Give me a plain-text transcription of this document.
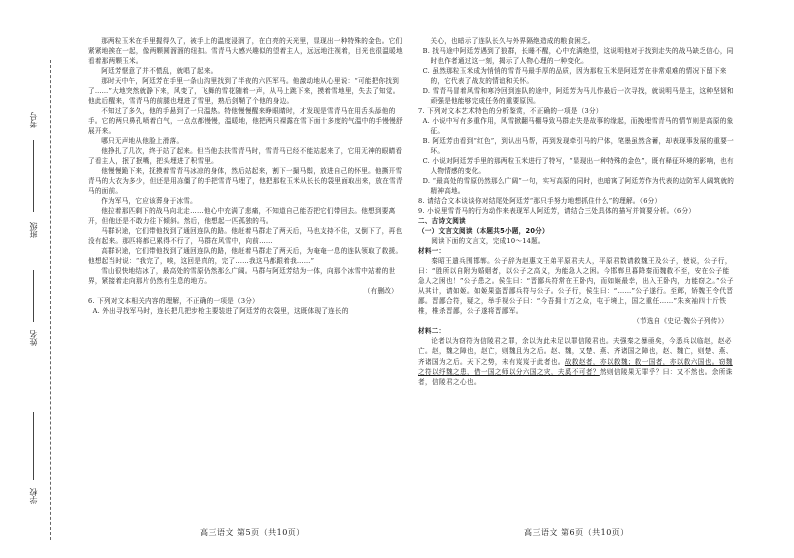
学校
姓名
班级
考号

那两粒玉米在手里握得久了，被手上的温度浸润了，在白亮的天光里，显现出一种特殊的金色。它们紧紧地挨在一起，像两颗圆溜溜的纽扣。雪青马大感兴趣似的望着主人，远远地注视着，目光也很温暖地看着那两颗玉米。

阿廷芳惬意了并不慌乱，就唱了起来。

那时天中午，阿廷芳在手里一条山沟里找到了半夜的六匹军马。他激动地从心里说：“可能把你找到了……”大地突然就静下来，风变了，飞舞的雪花随着一声，从马上跳下来，摸着雪地里，失去了知觉。他此后醒来，雪青马的前腿也埋进了雪里，熟后剑鞘了个他的身边。

不知过了多久，他的手悬到了一只温热。特他慢慢醒来睁眼睛时，才发现是雪青马在用舌头舔他的手。它的两只鼻孔喷着白气，一点点都慢慢，温暖地，他把两只裸露在雪下面十多度的气温中的手慢慢舒展开来。

哪只无声地从他脸上滑落。

他挣扎了几次，终于站了起来。但当他去扶雪青马时，雪青马已经不能站起来了，它用无神的眼睛看了看主人，抿了抿嘴，把头埋进了积雪里。

他慢慢跪下来，抚摸着雪青马冰凉的身体，然后站起来，割下一撮马鬃，放进自己的怀里。他撕开雪青马的大衣为多少，但还是用冻僵了的手把雪青马埋了，他把那粒玉米从长长的袋里面取出来，放在雪青马的面前。

作为军马，它应该葬身于冰雪。

他拉着那匹剩下的战马向北走……他心中充满了悲痛，不知道自己能否把它们带回去。他想到要离开，但他还是不敢力往下倾斜。然后，他想起一匹孤独的马。

马群识途，它们带他找到了通回连队的路。他赶着马群走了两天后，马也支持不住，又倒下了，再也没有起来。那匹将都已累得不行了，马群在风雪中，向前……

高群识途，它们带他找到了通回连队的路，他赶着马群走了两天后，为奄奄一息的连队领取了救援。他想起当时说：“我完了，唉，这回是真的，完了……我这马都跟着我……”

雪山很快地结冰了，最高处的雪原仍然那么广阔。马群与阿廷芳结为一体，向那个冰雪中站着的世界，紧接着走向那片仍然有生息的地方。

（有删改）

6. 下列对文本相关内容的理解，不正确的一项是（3分）

A. 外出寻找军马时，连长把几把步枪主要装进了阿廷芳的衣袋里，这既体现了连长的

关心，也暗示了连队长久与外界隔绝造成的粮食困乏。

B. 找马途中阿廷芳遇到了狼群，长睡不醒，心中充满绝望，这说明他对于找到走失的战马缺乏信心，同时也作者通过这一刻，揭示了人物心理的一种变化。

C. 虽然那粒玉米成为悄悄的雪青马最手厚的品质，因为那粒玉米是阿廷芳在非常艰难的情况下留下来的，它代表了战友的情谊和关怀。

D. 雪青马冒着风雪和寒冷回到连队的途中，阿廷芳为马儿作最后一次寻找，就说明马是主，这种坚韧和顽强是他能够完成任务的重要原因。

7. 下列对文本艺术特色的分析鉴赏，不正确的一项是（3分）

A. 小说中写有多重作用，风雪掀翻马棚导致马群走失是故事的缘起，而挽埋雪青马的情节则是高原的象征。

B. 阿廷芳由看到“红色”，到认出马帮，再到发现牵引马的尸体，笔墨虽然含蓄，却表现事发展的重要一环。

C. 小说对阿廷芳手里的那两粒玉米进行了特写，“显现出一种特殊的金色”，既有释征环境的影响，也有人物情感的变化。

D. “最高处的雪原仍然那么广阔”一句，实写高原的同时，也暗寓了阿廷芳作为代表的边防军人阔筑就的精神高地。

8. 请结合文本谈谈你对结尾处阿廷芳“那只手努力地想抓住什么”的理解。（6分）

9. 小说里雪青马的行为动作来表现军人阿廷芳，请结合三处具体的描写并简要分析。（6分）

二、古诗文阅读

（一）文言文阅读（本题共5小题，20分）

阅读下面的文言文，完成10～14题。

材料一：

秦昭王遣兵围邯郸。公子辞为赵惠文王弟平原君夫人，平原君数请救魏王及公子，使说，公子行，曰：“胜所以自附为婚姻者，以公子之高义，为能急人之困。今邯郸旦暮降秦而魏救不至，安在公子能急人之困也！”公子患之。侯生曰：“晋鄙兵符常在王卧内，而如姬最幸，出入王卧内，力能窃之。”公子从其计，请如姬。如姬果盗晋鄙兵符与公子。公子行，侯生曰：“……”公子遂行。至邺，矫魏王令代晋鄙。晋鄙合符，疑之，举手视公子曰：“今吾拥十万之众，屯于境上，国之重任……”朱亥袖四十斤铁椎，椎杀晋鄙，公子遂将晋鄙军。

（节选自《史记·魏公子列传》）

材料二：

论者以为窃符为信陵君之罪，余以为此未足以罪信陵君也。夫强秦之暴亟矣，今悉兵以临赵，赵必亡。赵，魏之障也，赵亡，则魏且为之后。赵、魏，又楚、燕、齐诸国之障也，赵、魏亡，则楚、燕、齐诸国为之后。天下之势，未有岌岌于此者也。故救赵者，亦以救魏；救一国者，亦以救六国也。窃魏之符以纾魏之患，借一国之师以分六国之灾，夫奚不可者？然则信陵果无罪乎？曰：又不然也。余所诛者，信陵君之心也。

高三语文 第5页（共10页）	高三语文 第6页（共10页）
